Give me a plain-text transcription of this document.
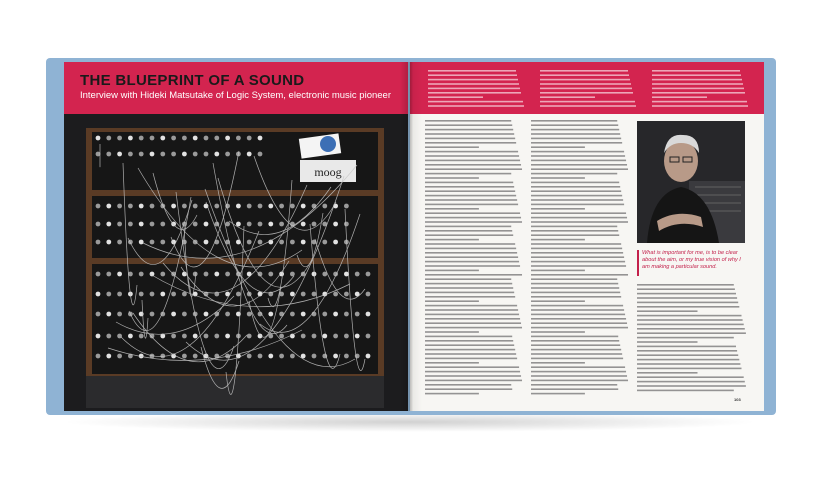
THE BLUEPRINT OF A SOUND

Interview with Hideki Matsutake of Logic System, electronic music pioneer

moog

What is important for me, is to be clear about the aim, or my true vision of why I am making a particular sound.

103
